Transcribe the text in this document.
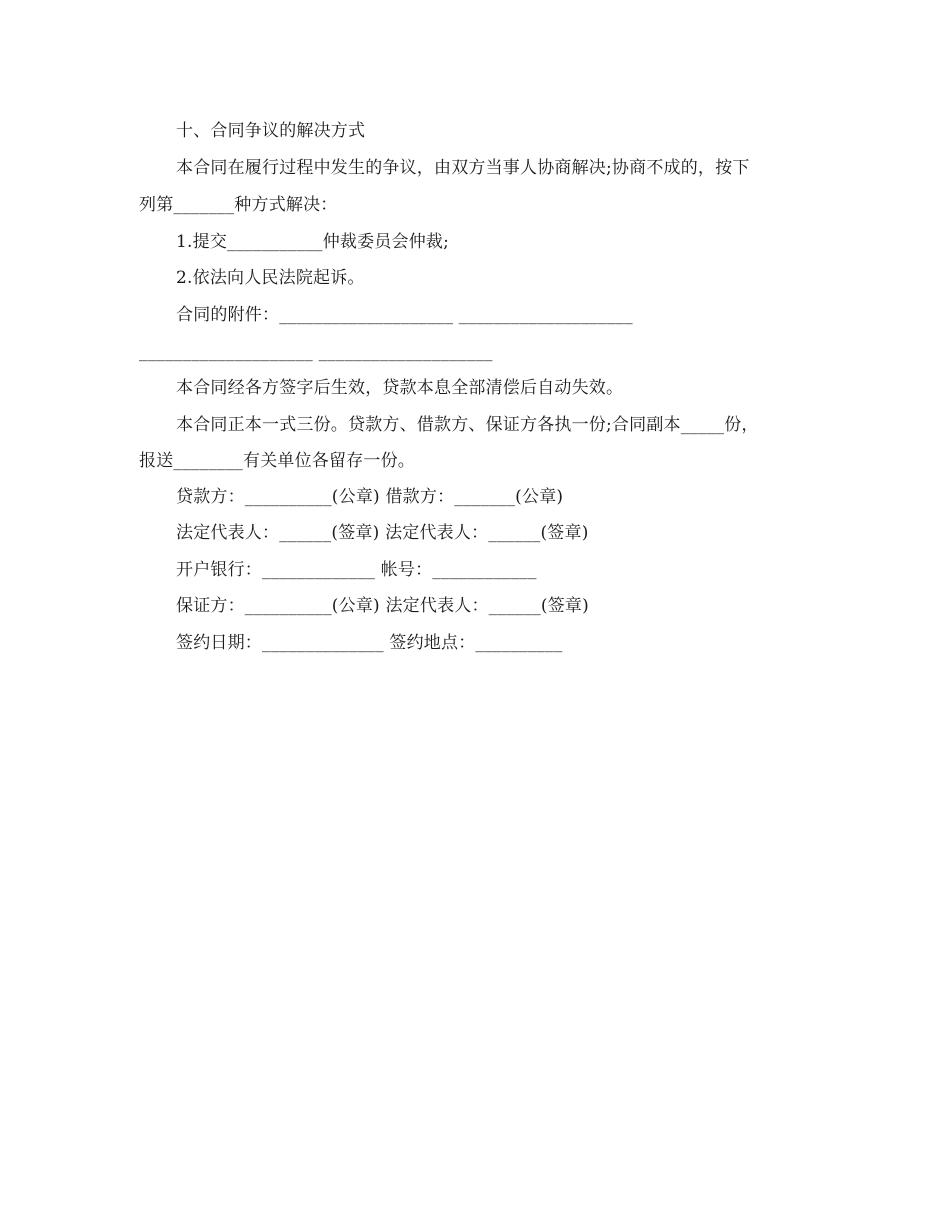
十、合同争议的解决方式
本合同在履行过程中发生的争议，由双方当事人协商解决;协商不成的，按下
列第_______种方式解决：
1.提交___________仲裁委员会仲裁;
2.依法向人民法院起诉。
合同的附件：____________________ ____________________
____________________ ____________________
本合同经各方签字后生效，贷款本息全部清偿后自动失效。
本合同正本一式三份。贷款方、借款方、保证方各执一份;合同副本_____份，
报送________有关单位各留存一份。
贷款方：__________(公章) 借款方：_______(公章)
法定代表人：______(签章) 法定代表人：______(签章)
开户银行：_____________ 帐号：____________
保证方：__________(公章) 法定代表人：______(签章)
签约日期：______________ 签约地点：__________
